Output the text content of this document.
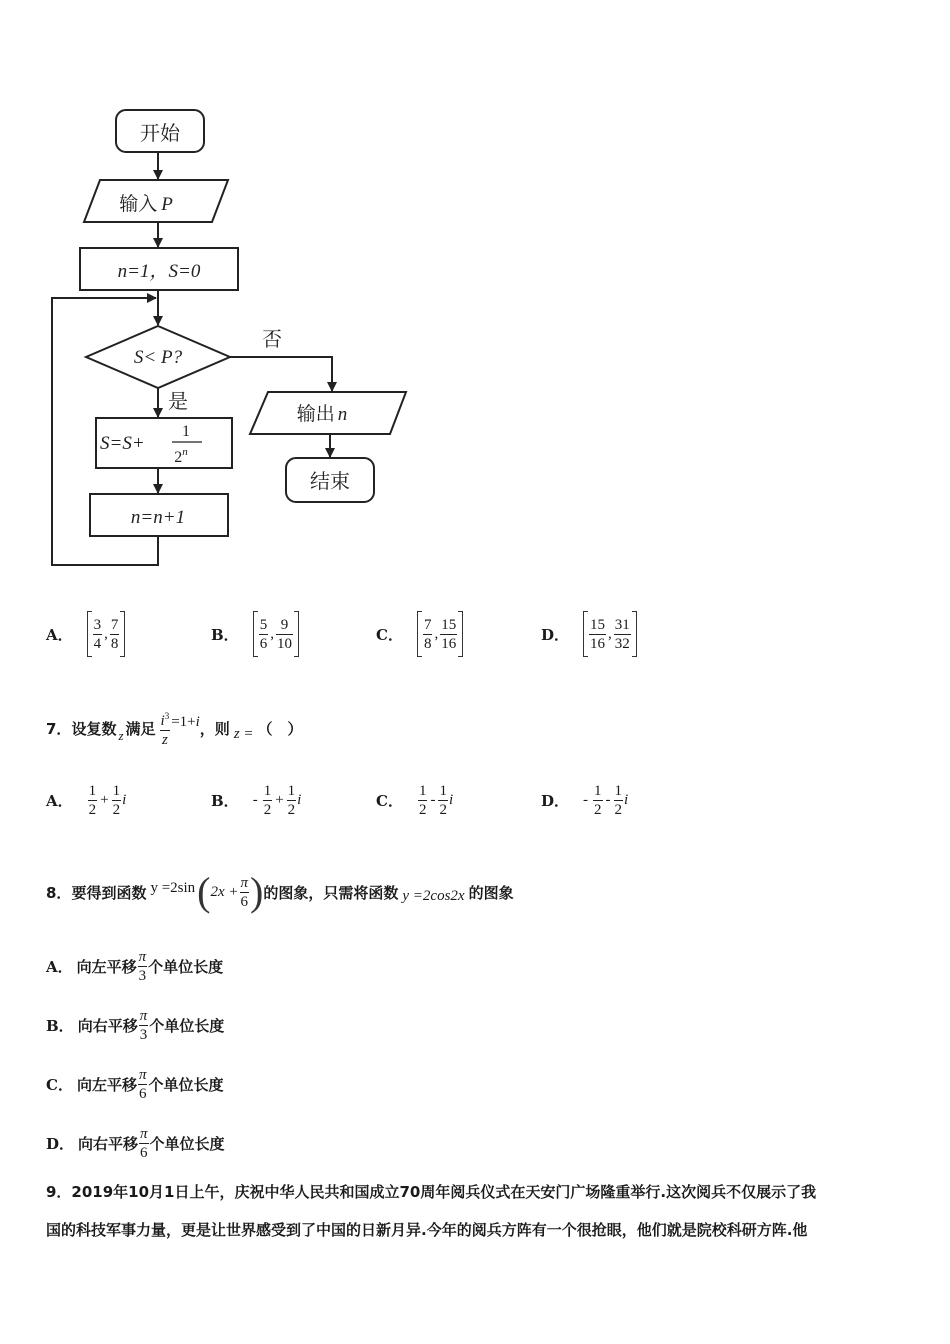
开始
输入 P
n=1，S=0
S< P?
否
是
S=S+
1
2$^n$
n=n+1
输出 n
结束
A． $\frac{3}{4}$ , $\frac{7}{8}$	B． $\frac{5}{6}$ , $\frac{9}{10}$	C． $\frac{7}{8}$ , $\frac{15}{16}$	D． $\frac{15}{16}$ , $\frac{31}{32}$
7． 设复数 z 满足 $\frac{i^3}{z} =1+i$ ，则 z = （　）
A． $\frac{1}{2} + \frac{1}{2}$ i	B． - $\frac{1}{2} + \frac{1}{2}$ i	C． $\frac{1}{2} - \frac{1}{2}$ i	D． - $\frac{1}{2} - \frac{1}{2}$ i
8． 要得到函数 y =2sin ( $2x + \frac{\pi}{6}$ ) 的图象，只需将函数 y =2cos2x 的图象
A． 向左平移 $\frac{\pi}{3}$ 个单位长度
B． 向右平移 $\frac{\pi}{3}$ 个单位长度
C． 向左平移 $\frac{\pi}{6}$ 个单位长度
D． 向右平移 $\frac{\pi}{6}$ 个单位长度
9．2019年10月1日上午，庆祝中华人民共和国成立70周年阅兵仪式在天安门广场隆重举行.这次阅兵不仅展示了我
国的科技军事力量，更是让世界感受到了中国的日新月异.今年的阅兵方阵有一个很抢眼，他们就是院校科研方阵.他
